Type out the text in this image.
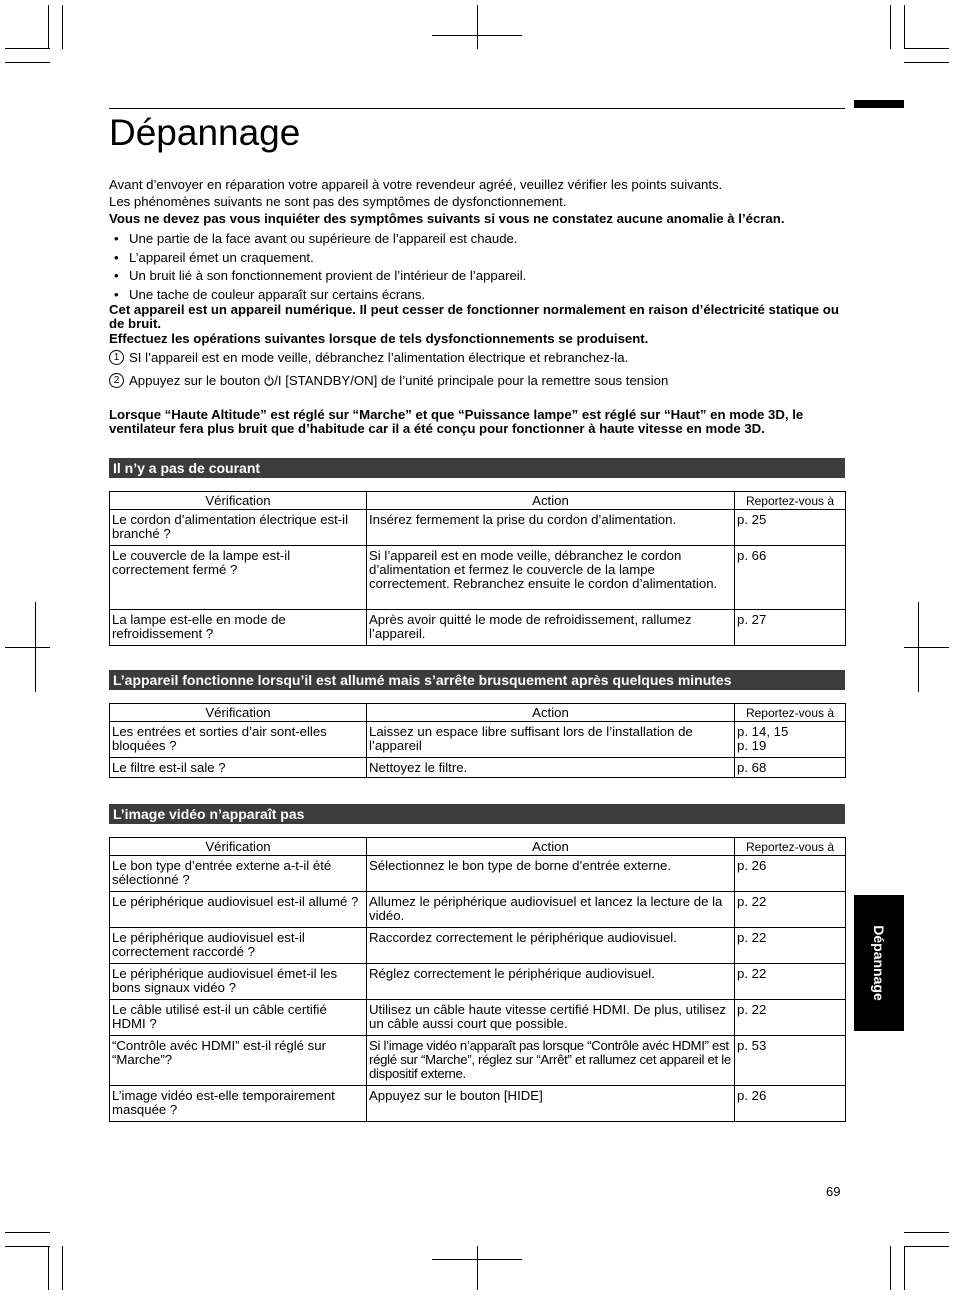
Dépannage

Avant d’envoyer en réparation votre appareil à votre revendeur agréé, veuillez vérifier les points suivants.

Les phénomènes suivants ne sont pas des symptômes de dysfonctionnement.

Vous ne devez pas vous inquiéter des symptômes suivants si vous ne constatez aucune anomalie à l’écran.

• Une partie de la face avant ou supérieure de l’appareil est chaude.
• L’appareil émet un craquement.
• Un bruit lié à son fonctionnement provient de l’intérieur de l’appareil.
• Une tache de couleur apparaît sur certains écrans.

Cet appareil est un appareil numérique. Il peut cesser de fonctionner normalement en raison d’électricité statique ou de bruit.

Effectuez les opérations suivantes lorsque de tels dysfonctionnements se produisent.

1 SI l’appareil est en mode veille, débranchez l’alimentation électrique et rebranchez-la.
2 Appuyez sur le bouton /I [STANDBY/ON] de l’unité principale pour la remettre sous tension

Lorsque “Haute Altitude” est réglé sur “Marche” et que “Puissance lampe” est réglé sur “Haut” en mode 3D, le ventilateur fera plus bruit que d’habitude car il a été conçu pour fonctionner à haute vitesse en mode 3D.

Il n’y a pas de courant
Vérification	Action	Reportez-vous à
Le cordon d’alimentation électrique est-il branché ?	Insérez fermement la prise du cordon d’alimentation.	p. 25
Le couvercle de la lampe est-il correctement fermé ?	Si l’appareil est en mode veille, débranchez le cordon d’alimentation et fermez le couvercle de la lampe correctement. Rebranchez ensuite le cordon d’alimentation.	p. 66
La lampe est-elle en mode de refroidissement ?	Après avoir quitté le mode de refroidissement, rallumez l’appareil.	p. 27
L’appareil fonctionne lorsqu’il est allumé mais s’arrête brusquement après quelques minutes
Vérification	Action	Reportez-vous à
Les entrées et sorties d’air sont-elles bloquées ?	Laissez un espace libre suffisant lors de l’installation de l’appareil	p. 14, 15
p. 19
Le filtre est-il sale ?	Nettoyez le filtre.	p. 68
L’image vidéo n’apparaît pas
Vérification	Action	Reportez-vous à
Le bon type d’entrée externe a-t-il été sélectionné ?	Sélectionnez le bon type de borne d’entrée externe.	p. 26
Le périphérique audiovisuel est-il allumé ?	Allumez le périphérique audiovisuel et lancez la lecture de la vidéo.	p. 22
Le périphérique audiovisuel est-il correctement raccordé ?	Raccordez correctement le périphérique audiovisuel.	p. 22
Le périphérique audiovisuel émet-il les bons signaux vidéo ?	Réglez correctement le périphérique audiovisuel.	p. 22
Le câble utilisé est-il un câble certifié HDMI ?	Utilisez un câble haute vitesse certifié HDMI. De plus, utilisez un câble aussi court que possible.	p. 22
“Contrôle avéc HDMI” est-il réglé sur “Marche”?	Si l’image vidéo n’apparaît pas lorsque “Contrôle avéc HDMI” est réglé sur “Marche”, réglez sur “Arrêt” et rallumez cet appareil et le dispositif externe.	p. 53
L’image vidéo est-elle temporairement masquée ?	Appuyez sur le bouton [HIDE]	p. 26
Dépannage
69
